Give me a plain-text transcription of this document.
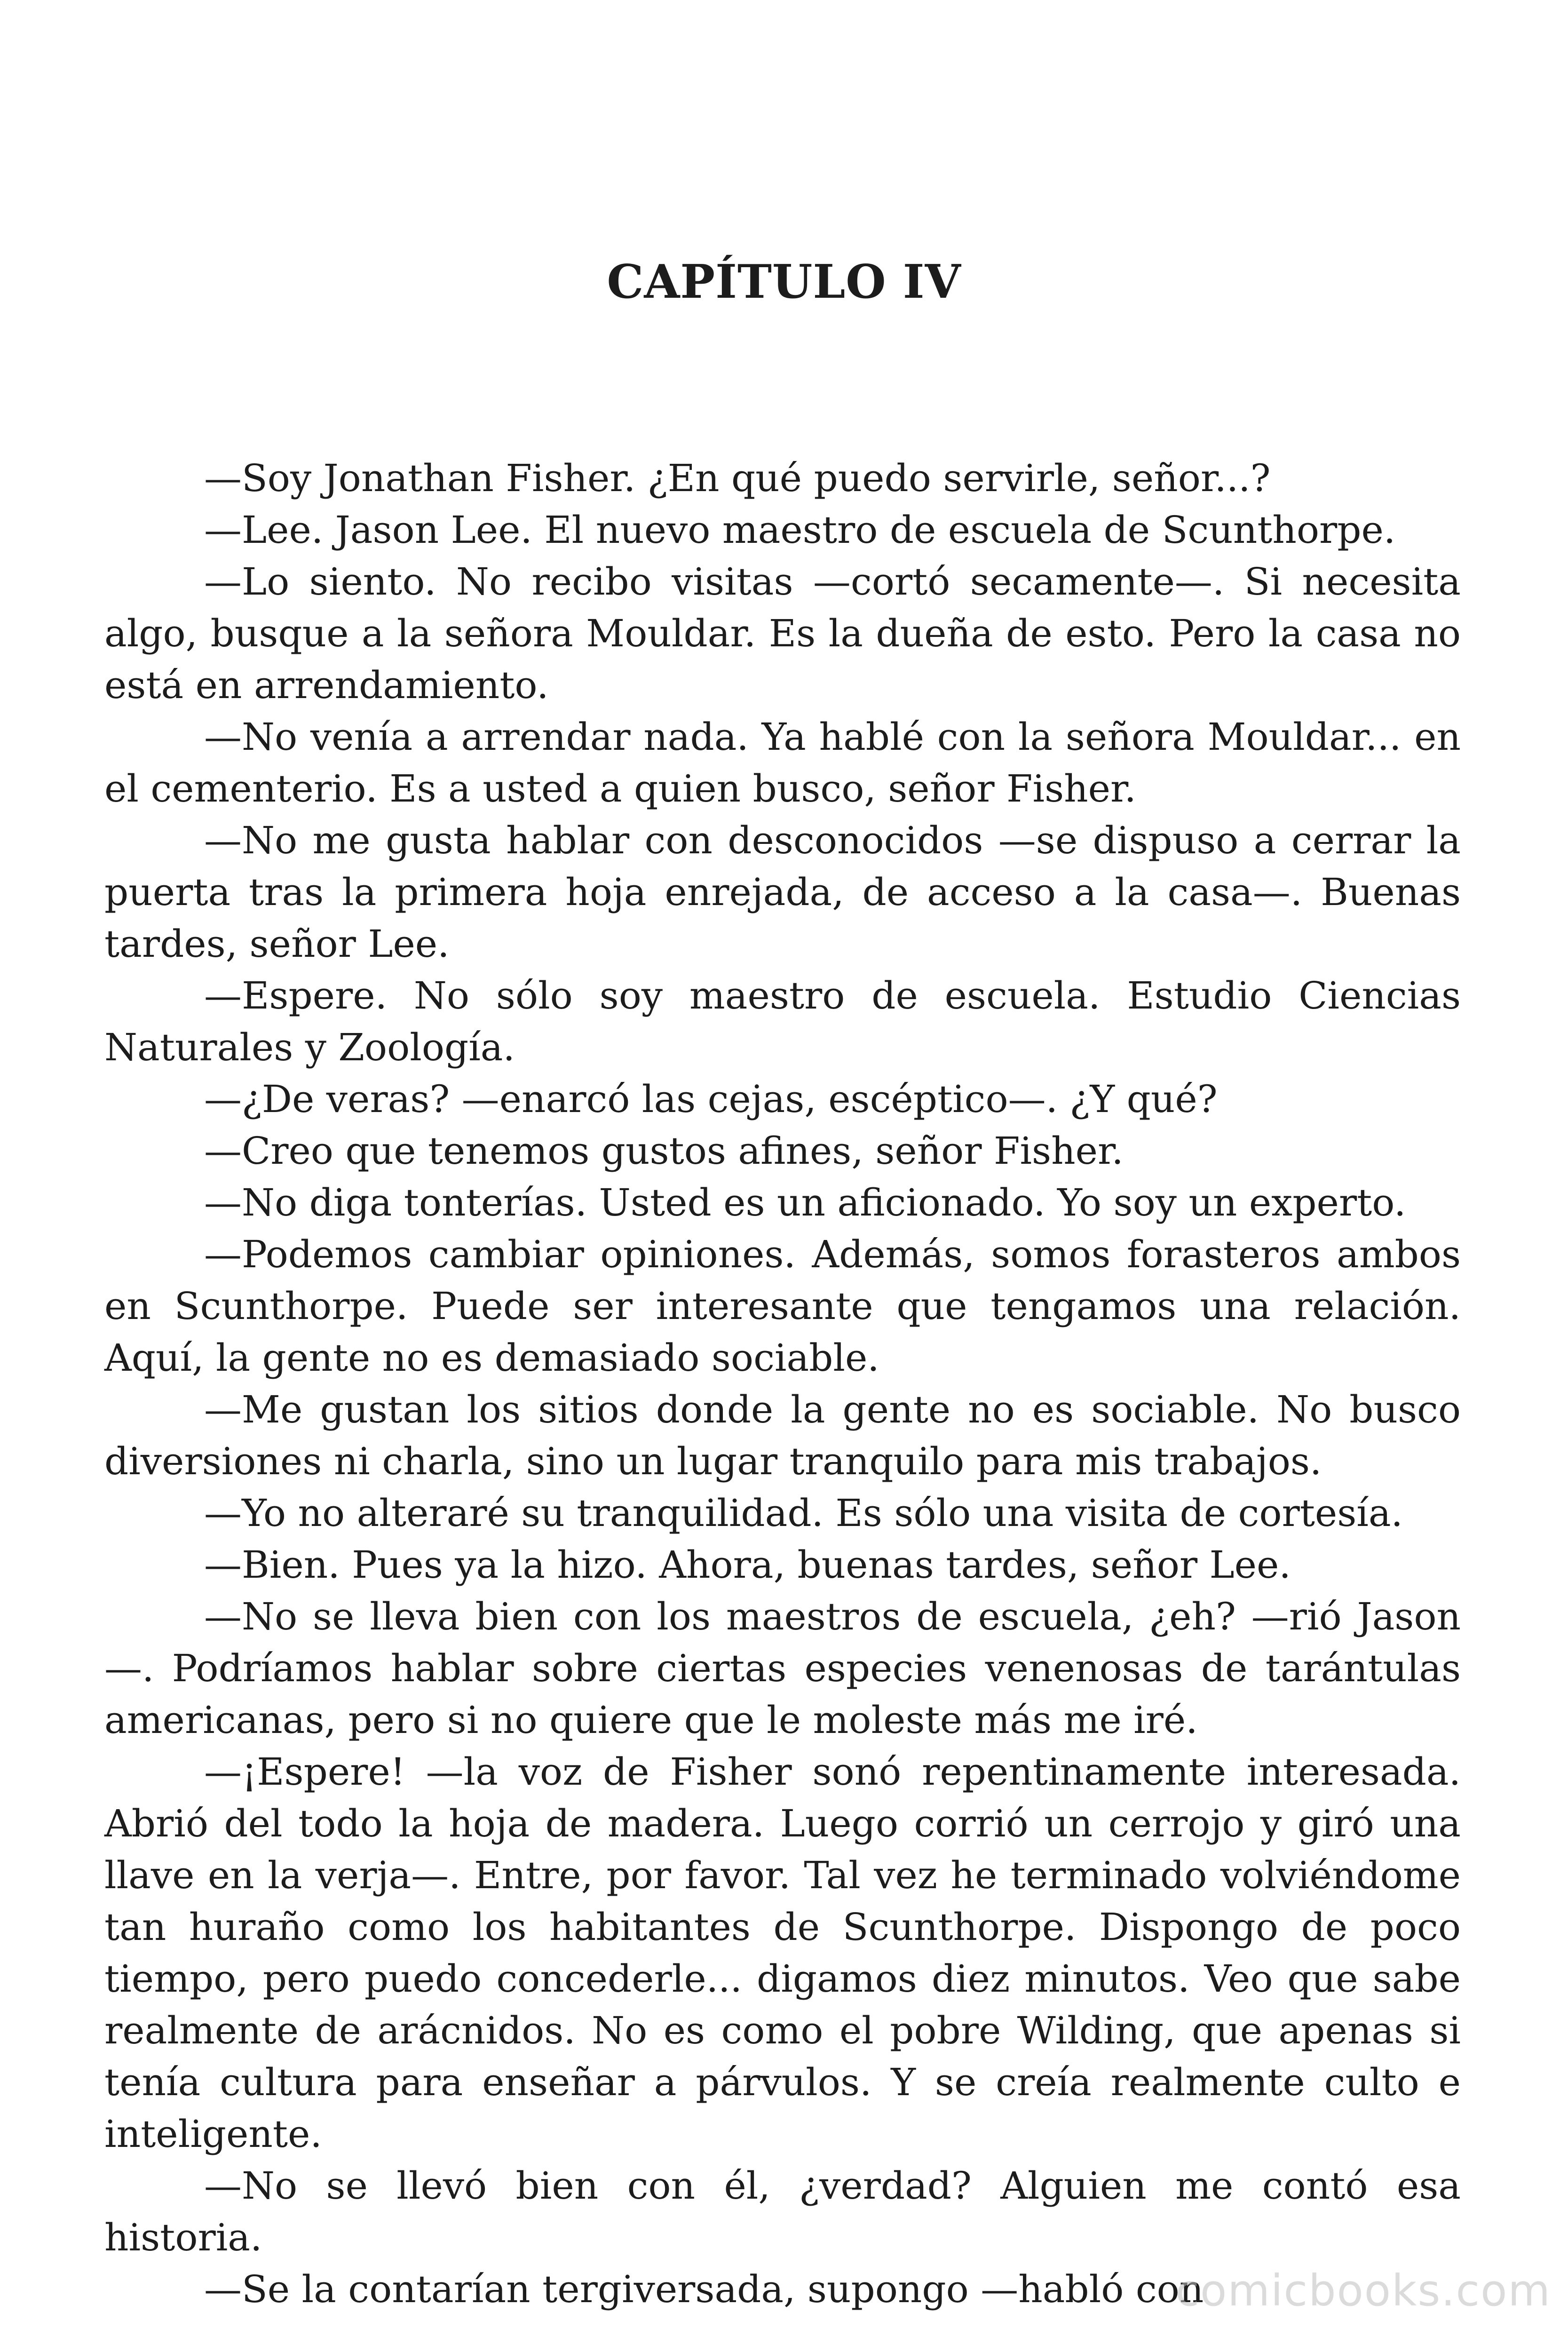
CAPÍTULO IV

—Soy Jonathan Fisher. ¿En qué puedo servirle, señor...?

—Lee. Jason Lee. El nuevo maestro de escuela de Scunthorpe.

—Lo siento. No recibo visitas —cortó secamente—. Si necesita algo, busque a la señora Mouldar. Es la dueña de esto. Pero la casa no está en arrendamiento.

—No venía a arrendar nada. Ya hablé con la señora Mouldar... en el cementerio. Es a usted a quien busco, señor Fisher.

—No me gusta hablar con desconocidos —se dispuso a cerrar la puerta tras la primera hoja enrejada, de acceso a la casa—. Buenas tardes, señor Lee.

—Espere. No sólo soy maestro de escuela. Estudio Ciencias Naturales y Zoología.

—¿De veras? —enarcó las cejas, escéptico—. ¿Y qué?

—Creo que tenemos gustos afines, señor Fisher.

—No diga tonterías. Usted es un aficionado. Yo soy un experto.

—Podemos cambiar opiniones. Además, somos forasteros ambos en Scunthorpe. Puede ser interesante que tengamos una relación. Aquí, la gente no es demasiado sociable.

—Me gustan los sitios donde la gente no es sociable. No busco diversiones ni charla, sino un lugar tranquilo para mis trabajos.

—Yo no alteraré su tranquilidad. Es sólo una visita de cortesía.

—Bien. Pues ya la hizo. Ahora, buenas tardes, señor Lee.

—No se lleva bien con los maestros de escuela, ¿eh? —rió Jason —. Podríamos hablar sobre ciertas especies venenosas de tarántulas americanas, pero si no quiere que le moleste más me iré.

—¡Espere! —la voz de Fisher sonó repentinamente interesada. Abrió del todo la hoja de madera. Luego corrió un cerrojo y giró una llave en la verja—. Entre, por favor. Tal vez he terminado volviéndome tan huraño como los habitantes de Scunthorpe. Dispongo de poco tiempo, pero puedo concederle... digamos diez minutos. Veo que sabe realmente de arácnidos. No es como el pobre Wilding, que apenas si tenía cultura para enseñar a párvulos. Y se creía realmente culto e inteligente.

—No se llevó bien con él, ¿verdad? Alguien me contó esa historia.

—Se la contarían tergiversada, supongo —habló con

comicbooks.com
